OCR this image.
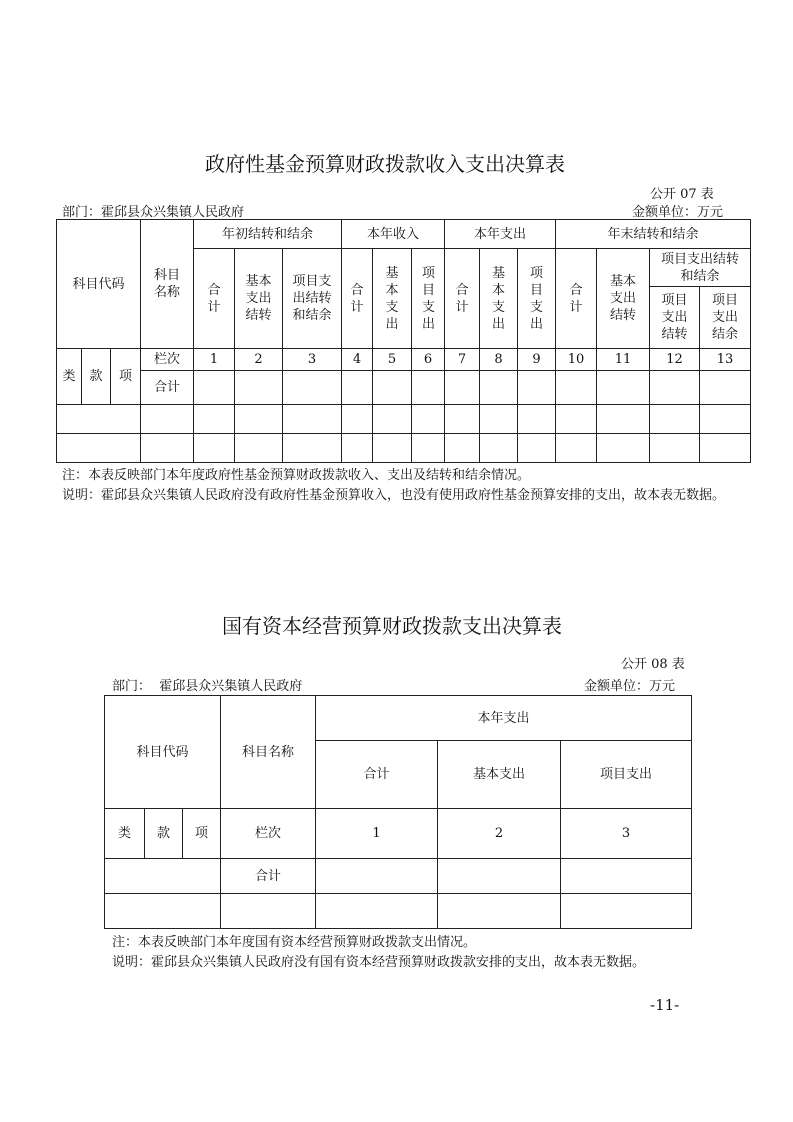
政府性基金预算财政拨款收入支出决算表
公开 07 表
部门：霍邱县众兴集镇人民政府	金额单位：万元
科目代码			科目名称	年初结转和结余			本年收入			本年支出			年末结转和结余			
				合计	基本支出结转	项目支出结转和结余	合计	基本支出	项目支出	合计	基本支出	项目支出	合计	基本支出结转	项目支出结转和结余	
															项目支出结转	项目支出结余
类	款	项	栏次	1	2	3	4	5	6	7	8	9	10	11	12	13
			合计													

注：本表反映部门本年度政府性基金预算财政拨款收入、支出及结转和结余情况。
说明：霍邱县众兴集镇人民政府没有政府性基金预算收入，也没有使用政府性基金预算安排的支出，故本表无数据。
国有资本经营预算财政拨款支出决算表
公开 08 表
部门：  霍邱县众兴集镇人民政府	金额单位：万元
科目代码			科目名称	本年支出		
				合计	基本支出	项目支出
类	款	项	栏次	1	2	3
			合计			

注：本表反映部门本年度国有资本经营预算财政拨款支出情况。
说明：霍邱县众兴集镇人民政府没有国有资本经营预算财政拨款安排的支出，故本表无数据。
-11-
